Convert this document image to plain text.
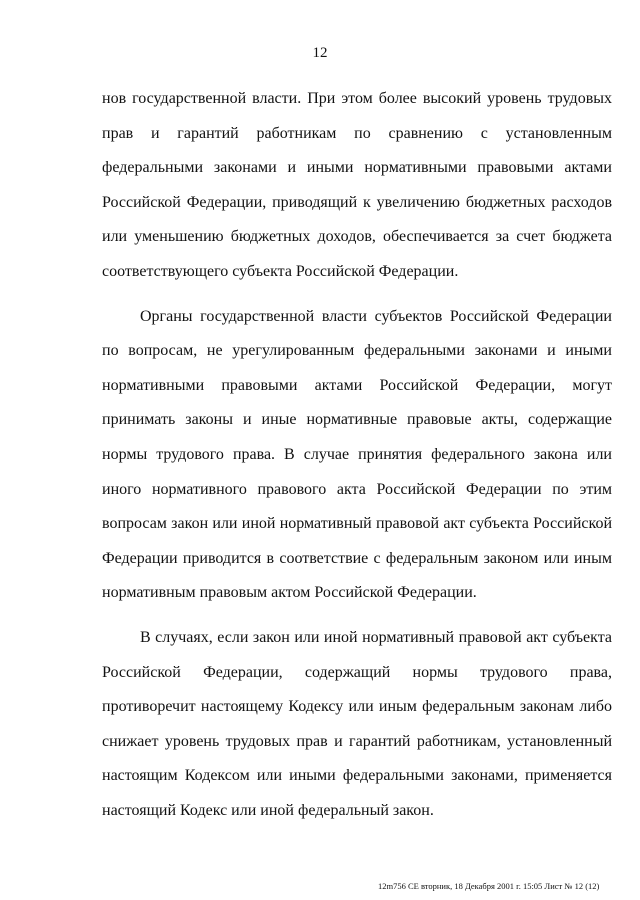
12

нов государственной власти. При этом более высокий уровень трудовых прав и гарантий работникам по сравнению с установленным федеральными законами и иными нормативными правовыми актами Российской Федерации, приводящий к увеличению бюджетных расходов или уменьшению бюджетных доходов, обеспечивается за счет бюджета соответствующего субъекта Российской Федерации.

Органы государственной власти субъектов Российской Федерации по вопросам, не урегулированным федеральными законами и иными нормативными правовыми актами Российской Федерации, могут принимать законы и иные нормативные правовые акты, содержащие нормы трудового права. В случае принятия федерального закона или иного нормативного правового акта Российской Федерации по этим вопросам закон или иной нормативный правовой акт субъекта Российской Федерации приводится в соответствие с федеральным законом или иным нормативным правовым актом Российской Федерации.

В случаях, если закон или иной нормативный правовой акт субъекта Российской Федерации, содержащий нормы трудового права, противоречит настоящему Кодексу или иным федеральным законам либо снижает уровень трудовых прав и гарантий работникам, установленный настоящим Кодексом или иными федеральными законами, применяется настоящий Кодекс или иной федеральный закон.

12m756 СЕ вторник, 18 Декабря 2001 г. 15:05 Лист № 12 (12)
